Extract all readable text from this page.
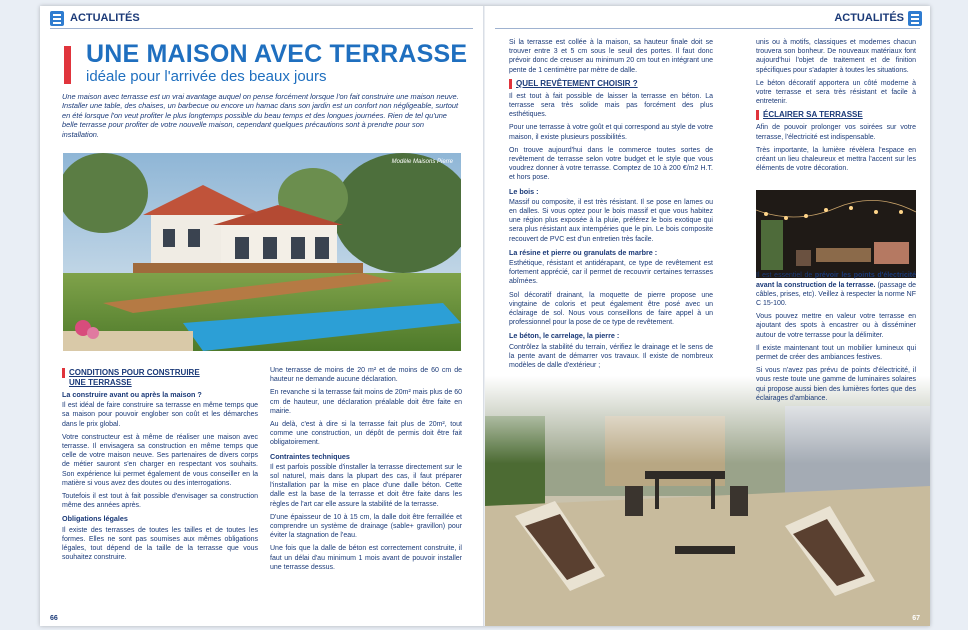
ACTUALITÉS
UNE MAISON AVEC TERRASSE
idéale pour l'arrivée des beaux jours

Une maison avec terrasse est un vrai avantage auquel on pense forcément lorsque l'on fait construire une maison neuve. Installer une table, des chaises, un barbecue ou encore un hamac dans son jardin est un confort non négligeable, surtout en été lorsque l'on veut profiter le plus longtemps possible du beau temps et des longues journées. Rien de tel qu'une belle terrasse pour profiter de votre nouvelle maison, cependant quelques précautions sont à prendre pour son installation.

Modèle Maisons Pierre
CONDITIONS POUR CONSTRUIRE
UNE TERRASSE
La construire avant ou après la maison ?

Il est idéal de faire construire sa terrasse en même temps que sa maison pour pouvoir englober son coût et les démarches dans le prix global.

Votre constructeur est à même de réaliser une maison avec terrasse. Il envisagera sa construction en même temps que celle de votre maison neuve. Ses partenaires de divers corps de métier sauront s'en charger en respectant vos souhaits. Son expérience lui permet également de vous conseiller en la matière si vous avez des doutes ou des interrogations.

Toutefois il est tout à fait possible d'envisager sa construction même des années après.

Obligations légales

Il existe des terrasses de toutes les tailles et de toutes les formes. Elles ne sont pas soumises aux mêmes obligations légales, tout dépend de la taille de la terrasse que vous souhaitez construire.

Une terrasse de moins de 20 m² et de moins de 60 cm de hauteur ne demande aucune déclaration.

En revanche si la terrasse fait moins de 20m² mais plus de 60 cm de hauteur, une déclaration préalable doit être faite en mairie.

Au delà, c'est à dire si la terrasse fait plus de 20m², tout comme une construction, un dépôt de permis doit être fait obligatoirement.

Contraintes techniques

Il est parfois possible d'installer la terrasse directement sur le sol naturel, mais dans la plupart des cas, il faut préparer l'installation par la mise en place d'une dalle béton. Cette dalle est la base de la terrasse et doit être faite dans les règles de l'art car elle assure la stabilité de la terrasse.

D'une épaisseur de 10 à 15 cm, la dalle doit être ferraillée et comprendre un système de drainage (sable+ gravillon) pour éviter la stagnation de l'eau.

Une fois que la dalle de béton est correctement construite, il faut un délai d'au minimum 1 mois avant de pouvoir installer une terrasse dessus.

66
ACTUALITÉS

Si la terrasse est collée à la maison, sa hauteur finale doit se trouver entre 3 et 5 cm sous le seuil des portes. Il faut donc prévoir donc de creuser au minimum 20 cm tout en intégrant une pente de 1 centimètre par mètre de dalle.

QUEL REVÊTEMENT CHOISIR ?

Il est tout à fait possible de laisser la terrasse en béton. La terrasse sera très solide mais pas forcément des plus esthétiques.

Pour une terrasse à votre goût et qui correspond au style de votre maison, il existe plusieurs possibilités.

On trouve aujourd'hui dans le commerce toutes sortes de revêtement de terrasse selon votre budget et le style que vous voudrez donner à votre terrasse. Comptez de 10 à 200 €/m2 H.T. et hors pose.

Le bois :

Massif ou composite, il est très résistant. Il se pose en lames ou en dalles. Si vous optez pour le bois massif et que vous habitez une région plus exposée à la pluie, préférez le bois exotique qui sera plus résistant aux intempéries que le pin. Le bois composite recouvert de PVC est d'un entretien très facile.

La résine et pierre ou granulats de marbre :

Esthétique, résistant et antidérapant, ce type de revêtement est fortement apprécié, car il permet de recouvrir certaines terrasses abîmées.

Sol décoratif drainant, la moquette de pierre propose une vingtaine de coloris et peut également être posé avec un éclairage de sol. Nous vous conseillons de faire appel à un professionnel pour la pose de ce type de revêtement.

Le béton, le carrelage, la pierre :

Contrôlez la stabilité du terrain, vérifiez le drainage et le sens de la pente avant de démarrer vos travaux. Il existe de nombreux modèles de dalle d'extérieur ;

unis ou à motifs, classiques et modernes chacun trouvera son bonheur. De nouveaux matériaux font aujourd'hui l'objet de traitement et de finition spécifiques pour s'adapter à toutes les situations.

Le béton décoratif apportera un côté moderne à votre terrasse et sera très résistant et facile à entretenir.

ÉCLAIRER SA TERRASSE

Afin de pouvoir prolonger vos soirées sur votre terrasse, l'électricité est indispensable.

Très importante, la lumière révèlera l'espace en créant un lieu chaleureux et mettra l'accent sur les éléments de votre décoration.

Il est essentiel de prévoir les points d'électricité avant la construction de la terrasse. (passage de câbles, prises, etc). Veillez à respecter la norme NF C 15-100.

Vous pouvez mettre en valeur votre terrasse en ajoutant des spots à encastrer ou à disséminer autour de votre terrasse pour la délimiter.

Il existe maintenant tout un mobilier lumineux qui permet de créer des ambiances festives.

Si vous n'avez pas prévu de points d'électricité, il vous reste toute une gamme de luminaires solaires qui propose aussi bien des lumières fortes que des éclairages d'ambiance.

67
